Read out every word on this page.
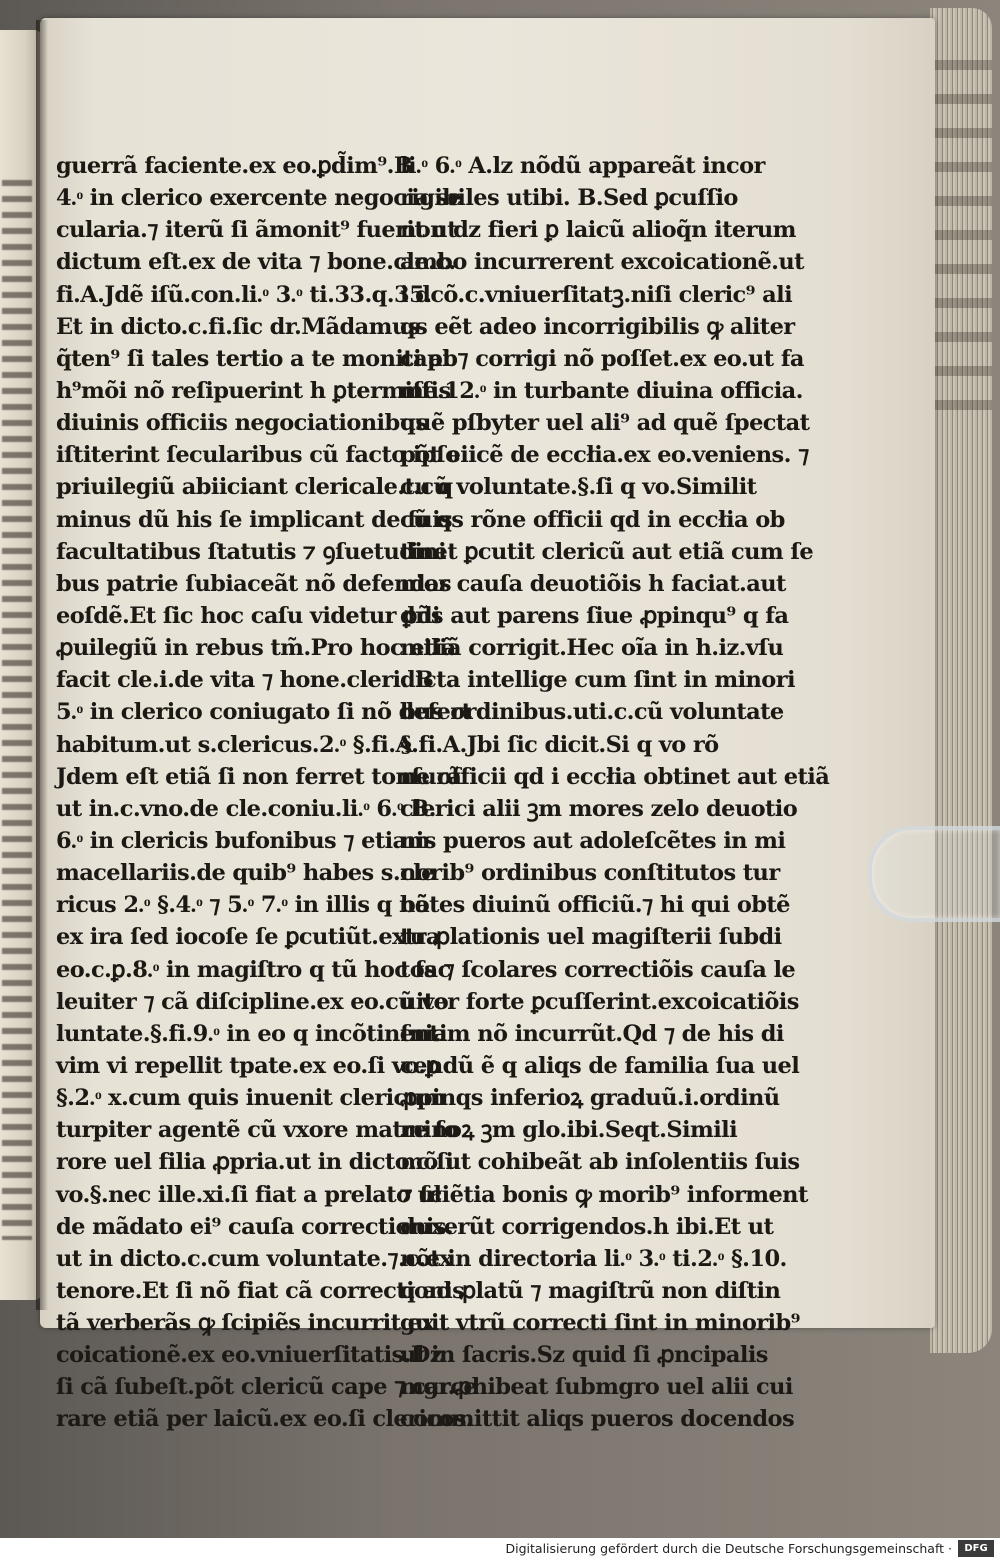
guerrã faciente.ex eo.ꝑd̃im⁹.B
4.ͦ in clerico exercente negocia se
cularia.⁊ iterũ ſi ãmonit⁹ fuerit ut
dictum eſt.ex de vita ⁊ bone.cle.c.
fi.A.Jdẽ iſũ.con.li.ͦ 3.ͦ ti.33.q.35.
Et in dicto.c.fi.ſic dr.Mãdamus
q̃ten⁹ ſi tales tertio a te moniti ab
h⁹mõi nõ reſipuerint h ꝑtermiſſis
diuinis officiis negociationibus
iſtiterint ſecularibus cũ facto ipſo
priuilegiũ abiiciant clericale.tu q
minus dũ his ſe implicant de ſuis
facultatibus ſtatutis ⁊ ꝯſuetudini
bus patrie ſubiaceãt nõ defendas
eoſdẽ.Et ſic hoc caſu videtur ꝑdi
ꝓuilegiũ in rebus tm̃.Pro hoc etiã
facit cle.i.de vita ⁊ hone.cleri. B
5.ͦ in clerico coniugato ſi nõ defert
habitum.ut s.clericus.2.ͦ §.fi.A
Jdem eſt etiã ſi non ferret tonſurã
ut in.c.vno.de cle.coniu.li.ͦ 6.ͦ B.
6.ͦ in clericis bufonibus ⁊ etiam
macellariis.de quib⁹ habes s.cle
ricus 2.ͦ §.4.ͦ ⁊ 5.ͦ 7.ͦ in illis q nõ
ex ira ſed iocoſe ſe ꝑcutiũt.extra
eo.c.ꝑ.8.ͦ in magiſtro q tũ hoc fac
leuiter ⁊ cã diſcipline.ex eo.cũ vo
luntate.§.fi.9.ͦ in eo q incõtinenti
vim vi repellit tpate.ex eo.ſi vo.ꝑ
§.2.ͦ x.cum quis inuenit clericum
turpiter agentẽ cũ vxore matre ſo
rore uel filia ꝓpria.ut in dicto.c.ſi
vo.§.nec ille.xi.ſi fiat a prelato uł
de mãdato ei⁹ cauſa correctionis.
ut in dicto.c.cum voluntate.⁊.c.ex
tenore.Et ſi nõ fiat cã correctionis
tã verberãs ꝙ ſcipiẽs incurrit ex
coicationẽ.ex eo.vniuerſitatis.Dz
ſi cã ſubeſt.põt clericũ cape ⁊ carce
rare etiã per laicũ.ex eo.ſi clericos.
li.ͦ 6.ͦ A.lz nõdũ appareãt incor
rigibiles utibi. B.Sed ꝑcuſſio
non dz fieri ꝑ laicũ alioq̃n iterum
ambo incurrerent excoicationẽ.ut
i dcõ.c.vniuerſitatꝫ.niſi cleric⁹ ali
qs eẽt adeo incorrigibilis ꝙ aliter
capi ⁊ corrigi nõ poſſet.ex eo.ut fa
me.12.ͦ in turbante diuina officia.
quẽ pſbyter uel ali⁹ ad quẽ ſpectat
põt eiicẽ de eccłia.ex eo.veniens. ⁊
c.cũ voluntate.§.ſi q vo.Similit
cũ qs rõne officii qd in eccłia ob
tinet ꝑcutit clericũ aut etiã cum ſe
nior cauſa deuotiõis h faciat.aut
dñs aut parens ſiue ꝓpinqu⁹ q fa
miliã corrigit.Hec oĩa in h.iz.vſu
dicta intellige cum ſint in minori
bus ordinibus.uti.c.cũ voluntate
§.fi.A.Jbi ſic dicit.Si q vo rõ
ne officii qd i eccłia obtinet aut etiã
clerici alii ꝫm mores zelo deuotio
nis pueros aut adoleſcẽtes in mi
norib⁹ ordinibus conſtitutos tur
bãtes diuinũ officiũ.⁊ hi qui obtẽ
tu ꝓlationis uel magiſterii ſubdi
tos ⁊ ſcolares correctiõis cauſa le
uiter forte ꝑcuſſerint.excoicatiõis
ſniam nõ incurrũt.Qd ⁊ de his di
cendũ ẽ q aliqs de familia ſua uel
ꝓpinqs inferioꝝ graduũ.i.ordinũ
minoꝝ ꝫm glo.ibi.Seqt.Simili
mõ ut cohibeãt ab inſolentiis ſuis
⁊ ſciẽtia bonis ꝙ morib⁹ informent
duxerũt corrigendos.h ibi.Et ut
nõt in directoria li.ͦ 3.ͦ ti.2.ͦ §.10.
q ad ꝓlatũ ⁊ magiſtrũ non diſtin
guit vtrũ correcti ſint in minorib⁹
uł in ſacris.Sz quid ſi ꝓncipalis
mgr.ꝓhibeat ſubmgro uel alii cui
committit aliqs pueros docendos
Digitalisierung gefördert durch die Deutsche Forschungsgemeinschaft ·	DFG
